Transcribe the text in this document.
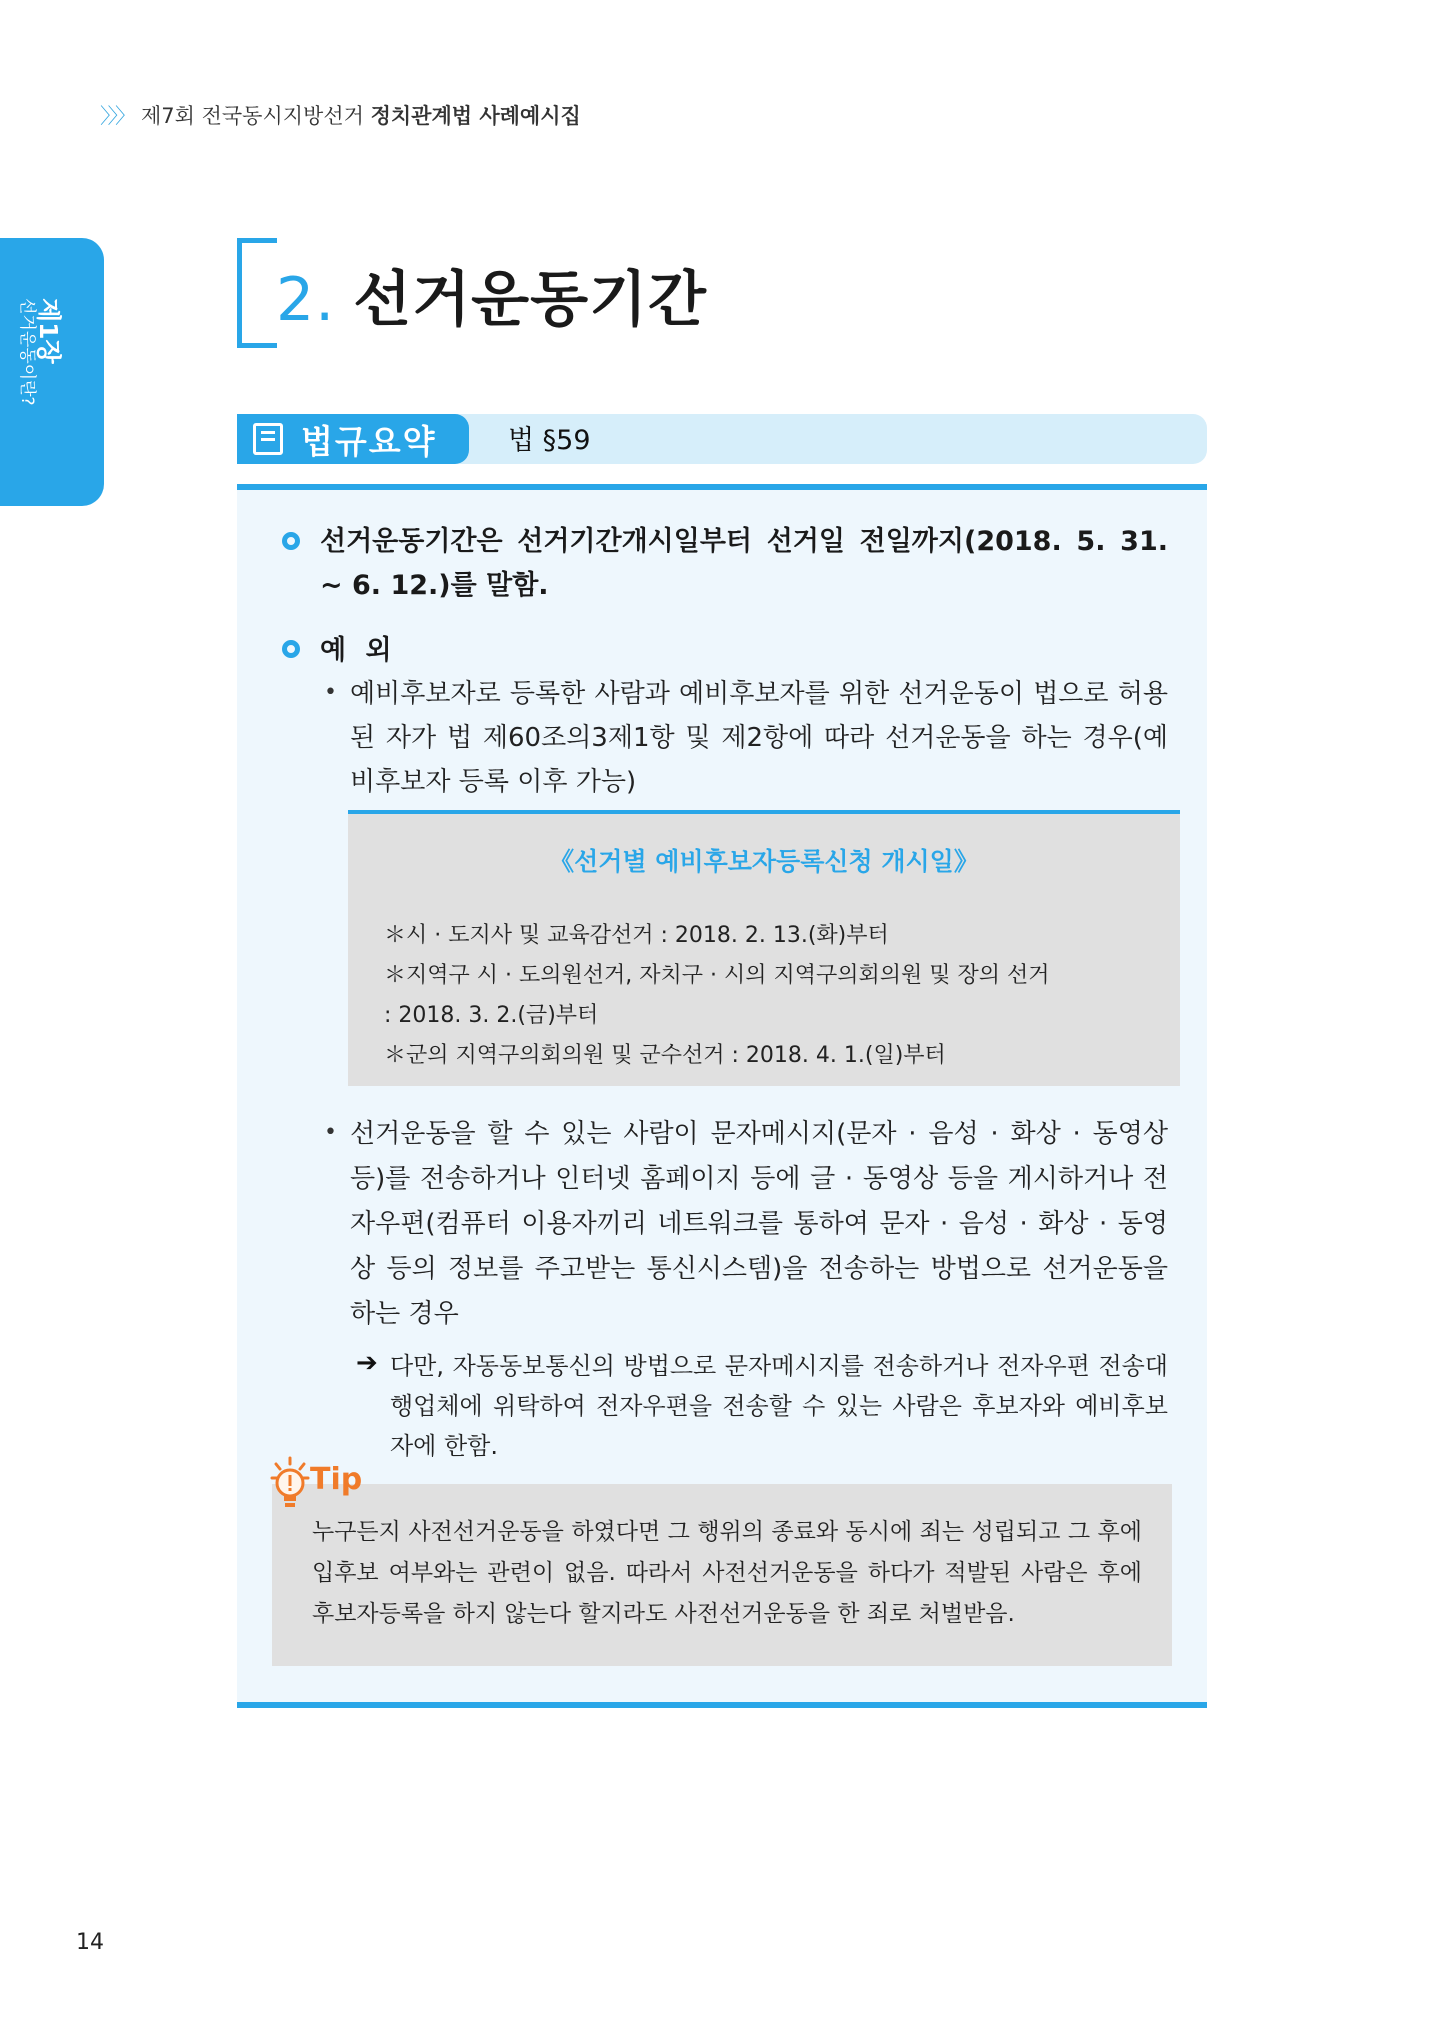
〉〉〉 제7회 전국동시지방선거 정치관계법 사례예시집
제1장
선거운동이란?	2. 선거운동기간
법규요약	법 §59
선거운동기간은 선거기간개시일부터 선거일 전일까지(2018. 5. 31. ~ 6. 12.)를 말함.
예 외
• 예비후보자로 등록한 사람과 예비후보자를 위한 선거운동이 법으로 허용된 자가 법 제60조의3제1항 및 제2항에 따라 선거운동을 하는 경우(예비후보자 등록 이후 가능)
《선거별 예비후보자등록신청 개시일》
＊시 · 도지사 및 교육감선거 : 2018. 2. 13.(화)부터
＊지역구 시 · 도의원선거, 자치구 · 시의 지역구의회의원 및 장의 선거
: 2018. 3. 2.(금)부터
＊군의 지역구의회의원 및 군수선거 : 2018. 4. 1.(일)부터
• 선거운동을 할 수 있는 사람이 문자메시지(문자 · 음성 · 화상 · 동영상 등)를 전송하거나 인터넷 홈페이지 등에 글 · 동영상 등을 게시하거나 전자우편(컴퓨터 이용자끼리 네트워크를 통하여 문자 · 음성 · 화상 · 동영상 등의 정보를 주고받는 통신시스템)을 전송하는 방법으로 선거운동을 하는 경우
➔ 다만, 자동동보통신의 방법으로 문자메시지를 전송하거나 전자우편 전송대행업체에 위탁하여 전자우편을 전송할 수 있는 사람은 후보자와 예비후보자에 한함.
누구든지 사전선거운동을 하였다면 그 행위의 종료와 동시에 죄는 성립되고 그 후에 입후보 여부와는 관련이 없음. 따라서 사전선거운동을 하다가 적발된 사람은 후에 후보자등록을 하지 않는다 할지라도 사전선거운동을 한 죄로 처벌받음.
Tip
14
